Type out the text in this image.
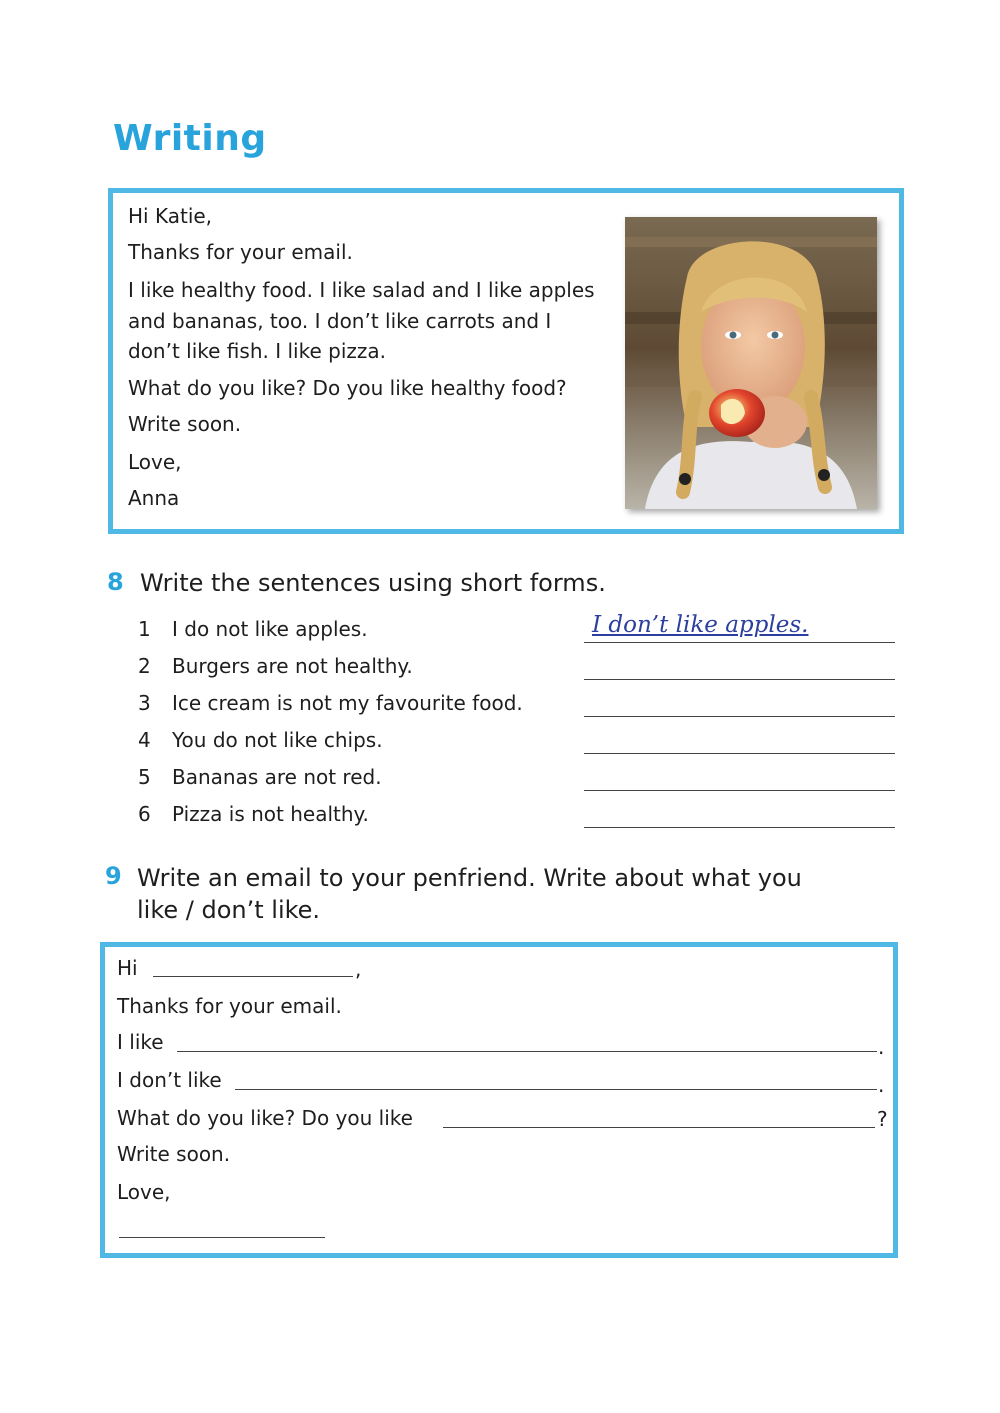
Writing
Hi Katie,
Thanks for your email.
I like healthy food. I like salad and I like apples
and bananas, too. I don’t like carrots and I
don’t like fish. I like pizza.
What do you like? Do you like healthy food?
Write soon.
Love,
Anna
8 Write the sentences using short forms.
1 I do not like apples.	I don’t like apples.
2 Burgers are not healthy.
3 Ice cream is not my favourite food.
4 You do not like chips.
5 Bananas are not red.
6 Pizza is not healthy.
9 Write an email to your penfriend. Write about what you
like / don’t like.
Hi	,
Thanks for your email.
I like	.
I don’t like	.
What do you like? Do you like	?
Write soon.
Love,
